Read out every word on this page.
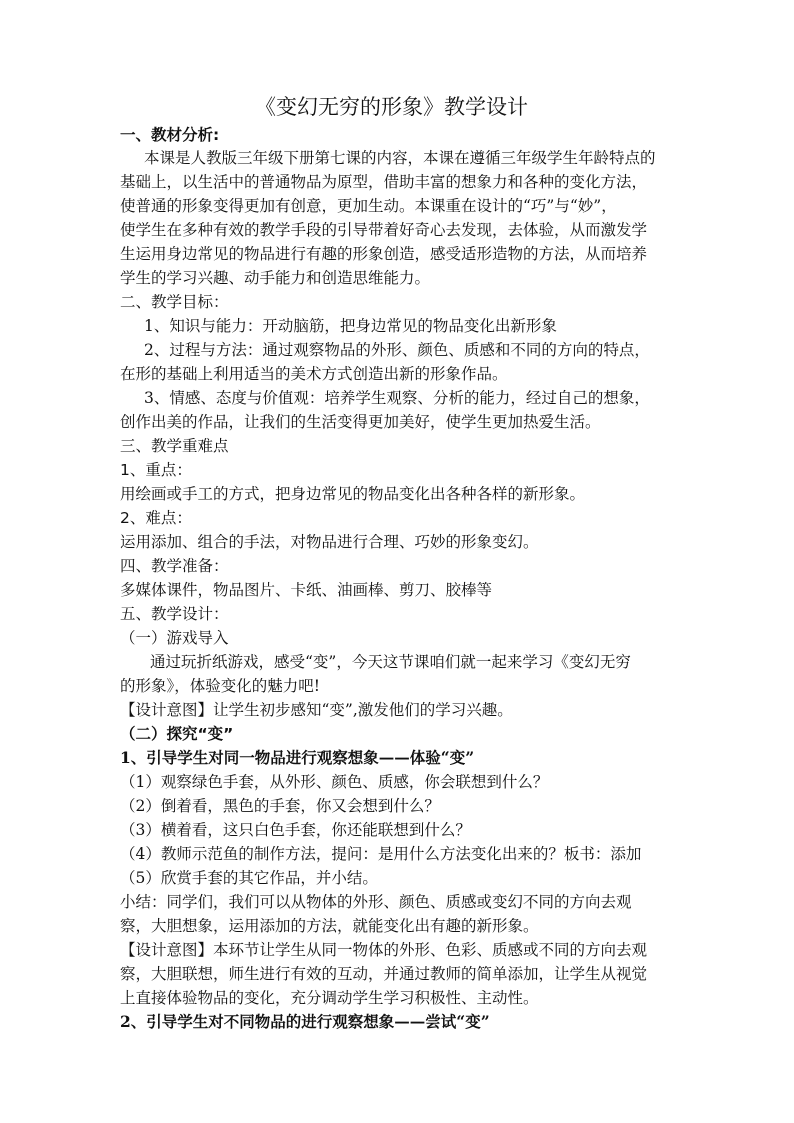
《变幻无穷的形象》教学设计
一、教材分析:
本课是人教版三年级下册第七课的内容，本课在遵循三年级学生年龄特点的
基础上，以生活中的普通物品为原型，借助丰富的想象力和各种的变化方法，
使普通的形象变得更加有创意，更加生动。本课重在设计的“巧”与“妙”，
使学生在多种有效的教学手段的引导带着好奇心去发现，去体验，从而激发学
生运用身边常见的物品进行有趣的形象创造，感受适形造物的方法，从而培养
学生的学习兴趣、动手能力和创造思维能力。
二、教学目标：
1、知识与能力：开动脑筋，把身边常见的物品变化出新形象
2、过程与方法：通过观察物品的外形、颜色、质感和不同的方向的特点，
在形的基础上利用适当的美术方式创造出新的形象作品。
3、情感、态度与价值观：培养学生观察、分析的能力，经过自己的想象，
创作出美的作品，让我们的生活变得更加美好，使学生更加热爱生活。
三、教学重难点
1、重点：
用绘画或手工的方式，把身边常见的物品变化出各种各样的新形象。
2、难点：
运用添加、组合的手法，对物品进行合理、巧妙的形象变幻。
四、教学准备：
多媒体课件，物品图片、卡纸、油画棒、剪刀、胶棒等
五、教学设计：
（一）游戏导入
通过玩折纸游戏，感受“变”，今天这节课咱们就一起来学习《变幻无穷
的形象》，体验变化的魅力吧!
【设计意图】让学生初步感知“变”,激发他们的学习兴趣。
（二）探究“变”
1、引导学生对同一物品进行观察想象——体验“变”
（1）观察绿色手套，从外形、颜色、质感，你会联想到什么？
（2）倒着看，黑色的手套，你又会想到什么？
（3）横着看，这只白色手套，你还能联想到什么？
（4）教师示范鱼的制作方法，提问：是用什么方法变化出来的？板书：添加
（5）欣赏手套的其它作品，并小结。
小结：同学们，我们可以从物体的外形、颜色、质感或变幻不同的方向去观
察，大胆想象，运用添加的方法，就能变化出有趣的新形象。
【设计意图】本环节让学生从同一物体的外形、色彩、质感或不同的方向去观
察，大胆联想，师生进行有效的互动，并通过教师的简单添加，让学生从视觉
上直接体验物品的变化，充分调动学生学习积极性、主动性。
2、引导学生对不同物品的进行观察想象——尝试“变”
